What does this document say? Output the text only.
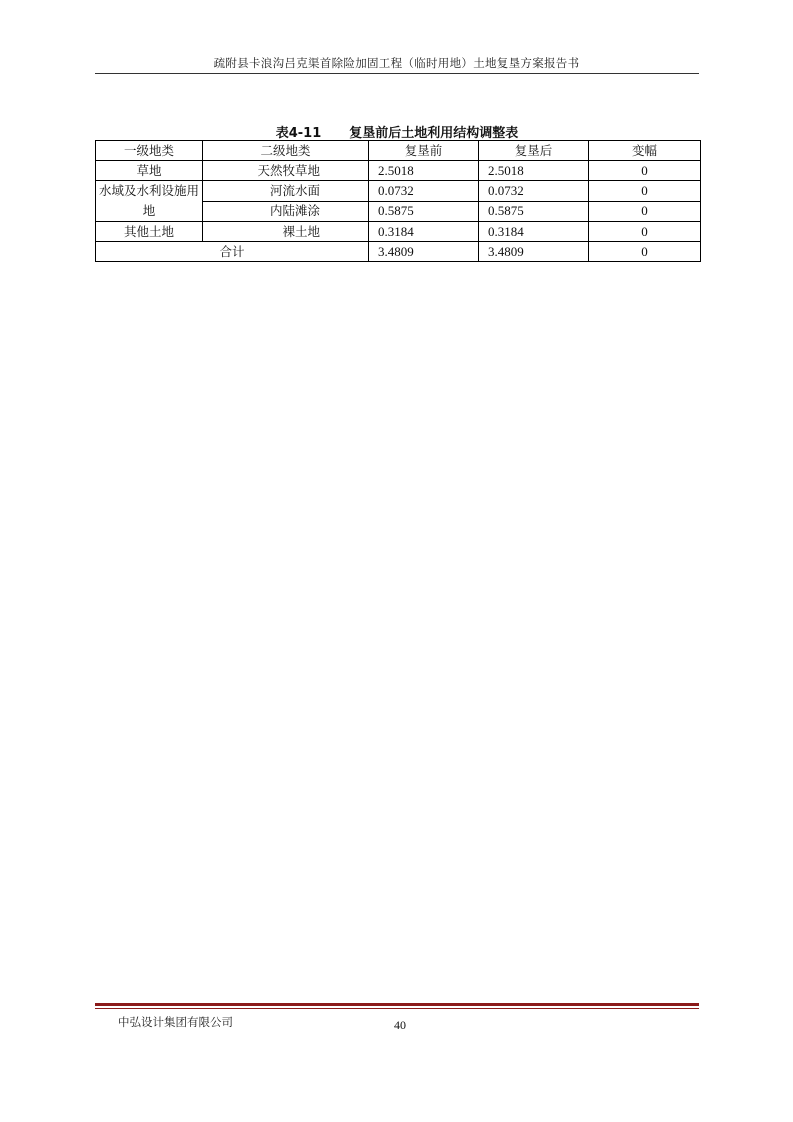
疏附县卡浪沟吕克渠首除险加固工程（临时用地）土地复垦方案报告书
表4-11 复垦前后土地利用结构调整表
一级地类	二级地类	复垦前	复垦后	变幅
草地	天然牧草地	2.5018	2.5018	0
水域及水利设施用地	河流水面	0.0732	0.0732	0
	内陆滩涂	0.5875	0.5875	0
其他土地	裸土地	0.3184	0.3184	0
合计		3.4809	3.4809	0
中弘设计集团有限公司	40
